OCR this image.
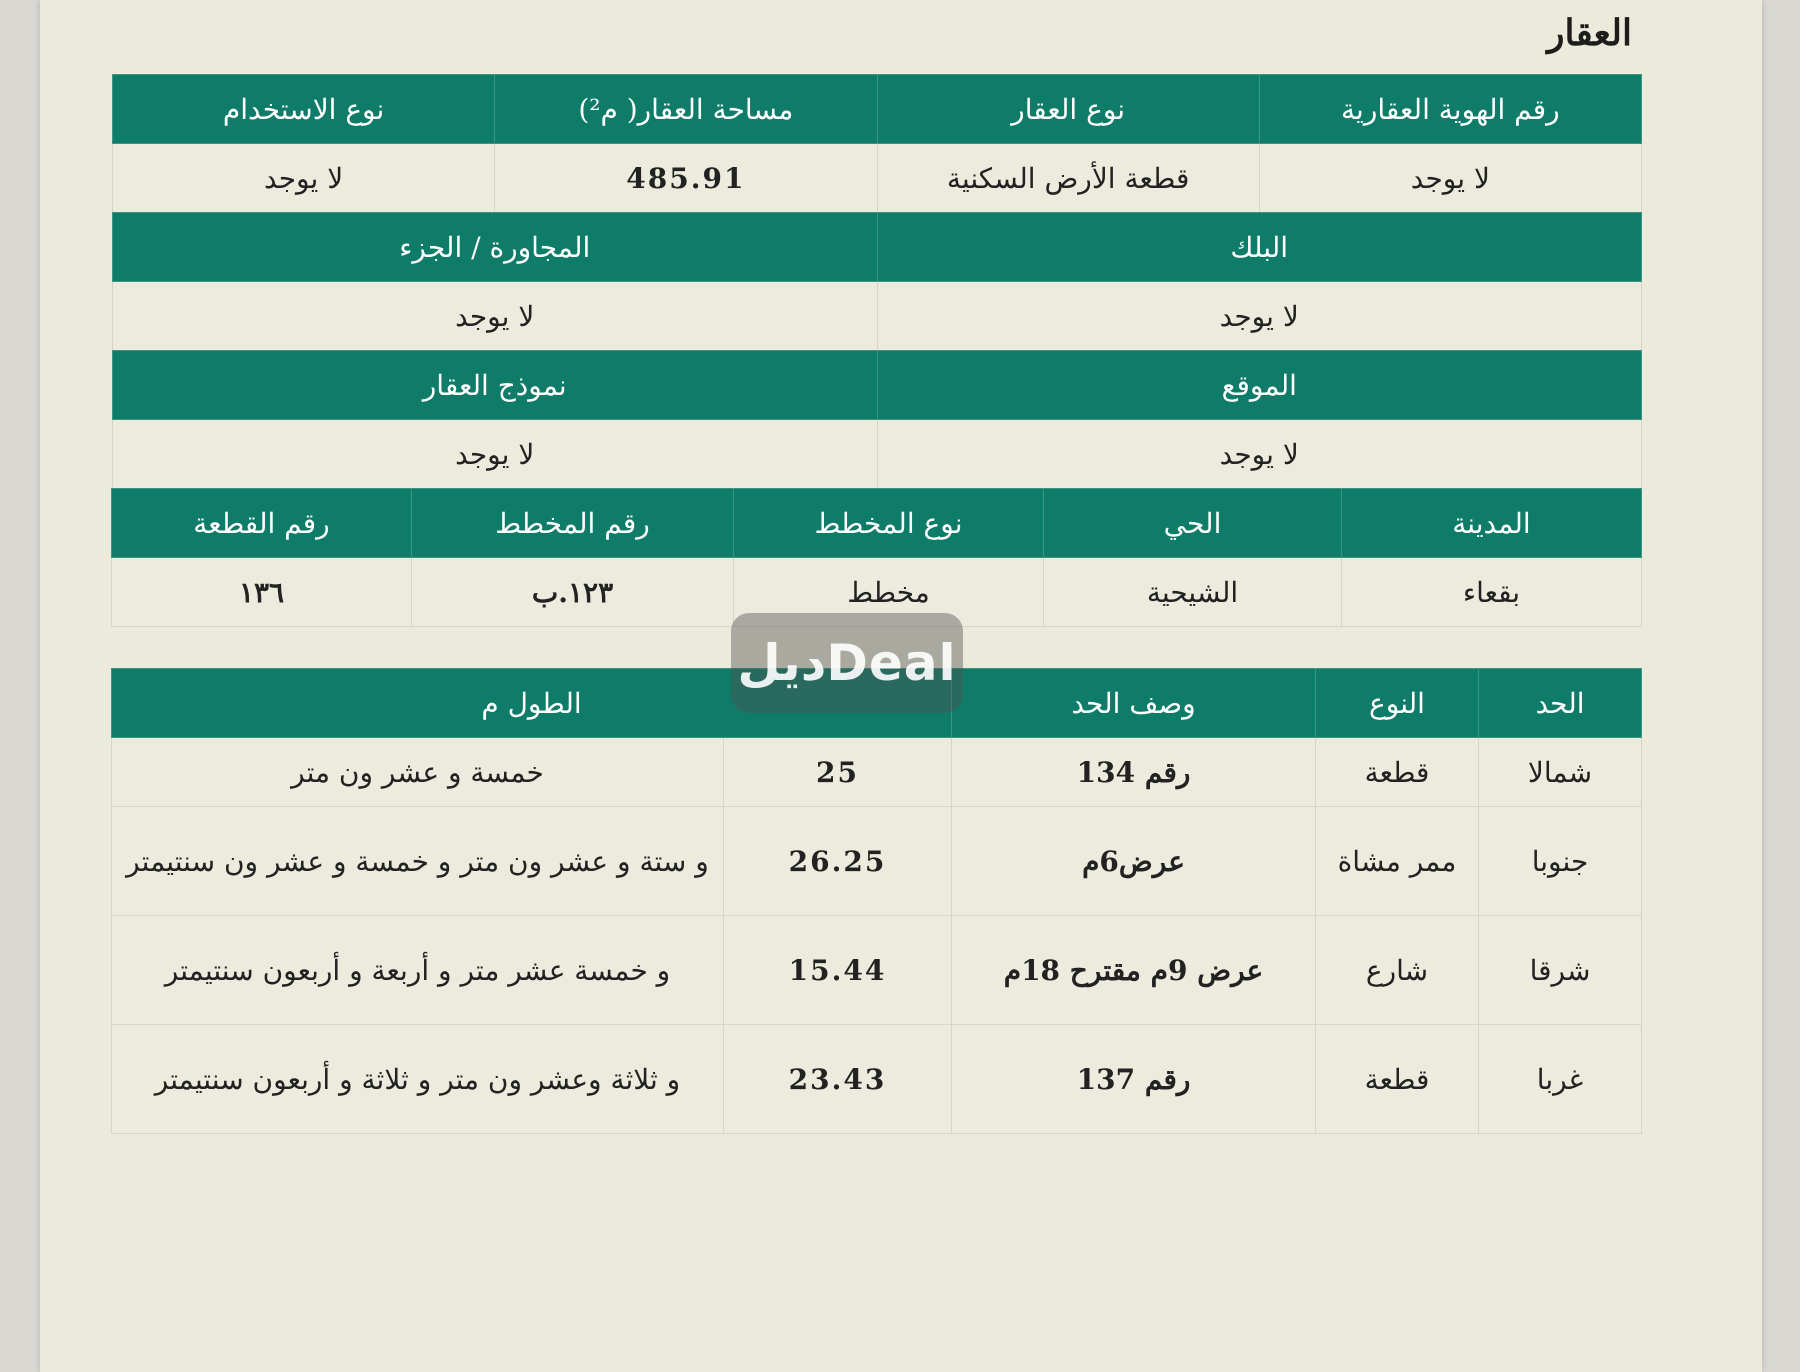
العقار
رقم الهوية العقارية	نوع العقار	مساحة العقار( م²)	نوع الاستخدام
لا يوجد	قطعة الأرض السكنية	485.91	لا يوجد
البلك	المجاورة / الجزء
لا يوجد	لا يوجد
الموقع	نموذج العقار
لا يوجد	لا يوجد
المدينة	الحي	نوع المخطط	رقم المخطط	رقم القطعة
بقعاء	الشيحية	مخطط	١٢٣.ب	١٣٦
الحد	النوع	وصف الحد	الطول م	
شمالا	قطعة	رقم 134	25	خمسة و عشر ون متر
جنوبا	ممر مشاة	عرض6م	26.25	و ستة و عشر ون متر و خمسة و عشر ون سنتيمتر
شرقا	شارع	عرض 9م مقترح 18م	15.44	و خمسة عشر متر و أربعة و أربعون سنتيمتر
غربا	قطعة	رقم 137	23.43	و ثلاثة وعشر ون متر و ثلاثة و أربعون سنتيمتر
ديلDeal
